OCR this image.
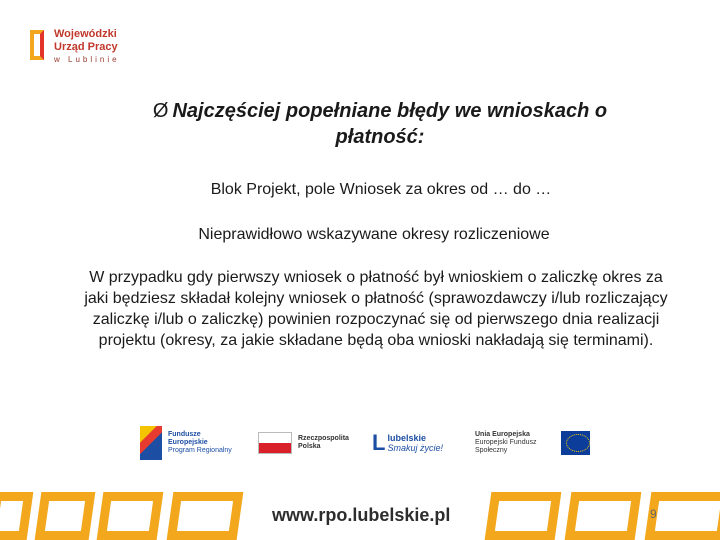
Wojewódzki
Urząd Pracy
w Lublinie
Ø Najczęściej popełniane błędy we wnioskach o płatność:
Blok Projekt, pole Wniosek za okres od … do …
Nieprawidłowo wskazywane okresy rozliczeniowe
W przypadku gdy pierwszy wniosek o płatność był wnioskiem o zaliczkę okres za jaki będziesz składał kolejny wniosek o płatność (sprawozdawczy i/lub rozliczający zaliczkę i/lub o zaliczkę) powinien rozpoczynać się od pierwszego dnia realizacji projektu (okresy, za jakie składane będą oba wnioski nakładają się terminami).
Fundusze
Europejskie
Program Regionalny
Rzeczpospolita
Polska	L lubelskie
Smakuj życie!
Unia Europejska
Europejski Fundusz Społeczny
www.rpo.lubelskie.pl	9
